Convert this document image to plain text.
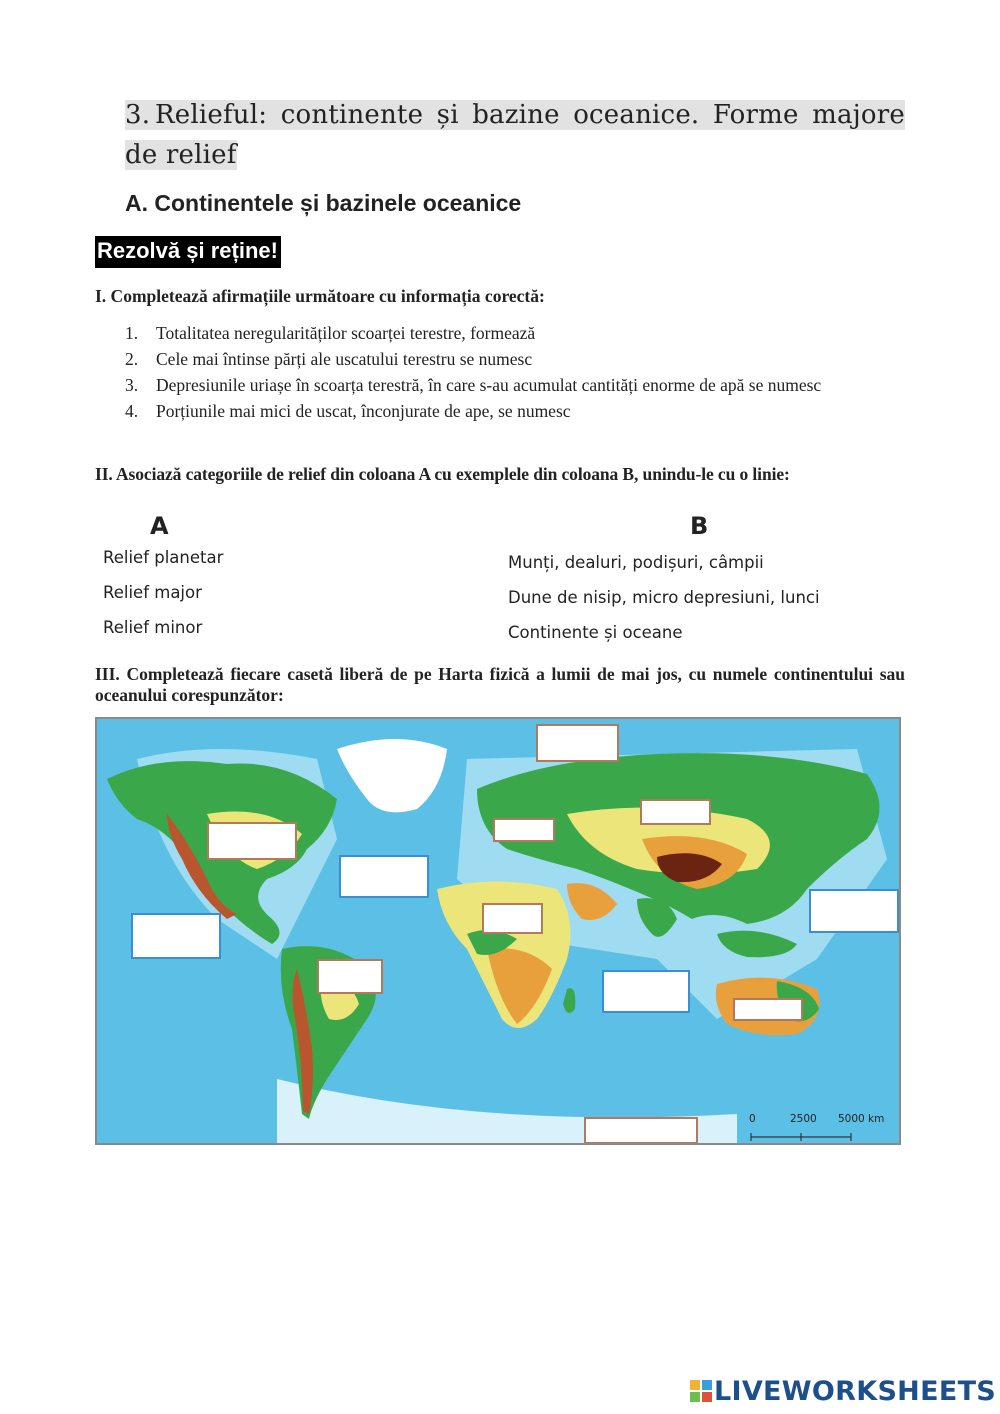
3. Relieful: continente și bazine oceanice. Forme majore de relief
A. Continentele și bazinele oceanice
Rezolvă și reține!
I. Completează afirmațiile următoare cu informația corectă:
1. Totalitatea neregularităților scoarței terestre, formează
2. Cele mai întinse părți ale uscatului terestru se numesc
3. Depresiunile uriașe în scoarța terestră, în care s-au acumulat cantități enorme de apă se numesc
4. Porțiunile mai mici de uscat, înconjurate de ape, se numesc
II. Asociază categoriile de relief din coloana A cu exemplele din coloana B, unindu-le cu o linie:
A	B
Relief planetar
Relief major
Relief minor
Munți, dealuri, podișuri, câmpii
Dune de nisip, micro depresiuni, lunci
Continente și oceane
III. Completează fiecare casetă liberă de pe Harta fizică a lumii de mai jos, cu numele continentului sau oceanului corespunzător:
0	2500 5000 km
LIVEWORKSHEETS
